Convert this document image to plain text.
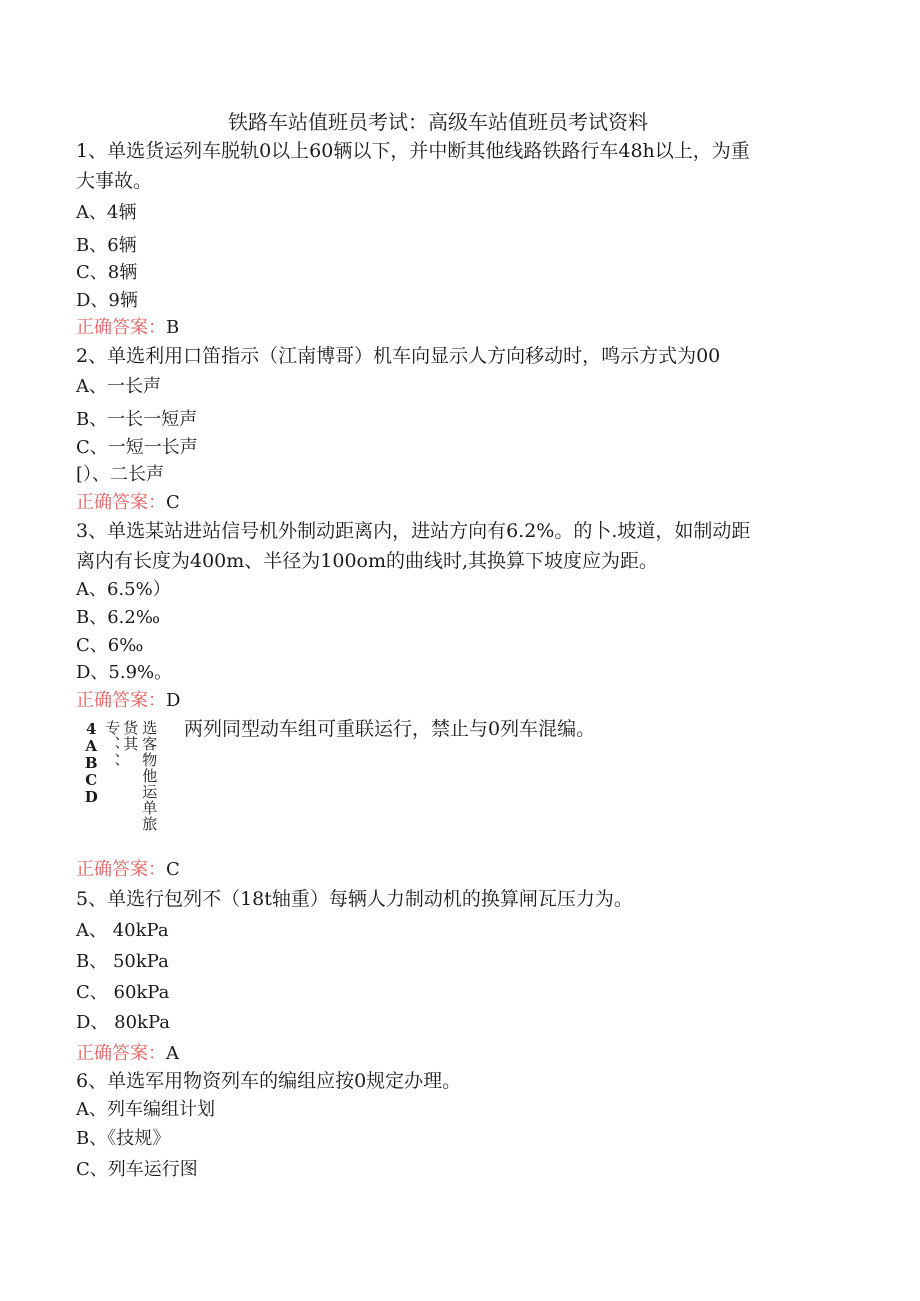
铁路车站值班员考试：高级车站值班员考试资料
1、单选货运列车脱轨0以上60辆以下，并中断其他线路铁路行车48h以上，为重
大事故。
A、4辆
B、6辆
C、8辆
D、9辆
正确答案：B
2、单选利用口笛指示（江南博哥）机车向显示人方向移动时，鸣示方式为00
A、一长声
B、一长一短声
C、一短一长声
[）、二长声
正确答案：C
3、单选某站进站信号机外制动距离内，进站方向有6.2%。的卜.坡道，如制动距
离内有长度为400m、半径为100om的曲线时,其换算下坡度应为距。
A、6.5%）
B、6.2‰
C、6‰
D、5.9%。
正确答案：D
4ABCD 专、、、、 货其 选客物他运单旅 两列同型动车组可重联运行，禁止与0列车混编。
正确答案：C
5、单选行包列不（18t轴重）每辆人力制动机的换算闸瓦压力为。
A、 40kPa
B、 50kPa
C、 60kPa
D、 80kPa
正确答案：A
6、单选军用物资列车的编组应按0规定办理。
A、列车编组计划
B、《技规》
C、列车运行图
